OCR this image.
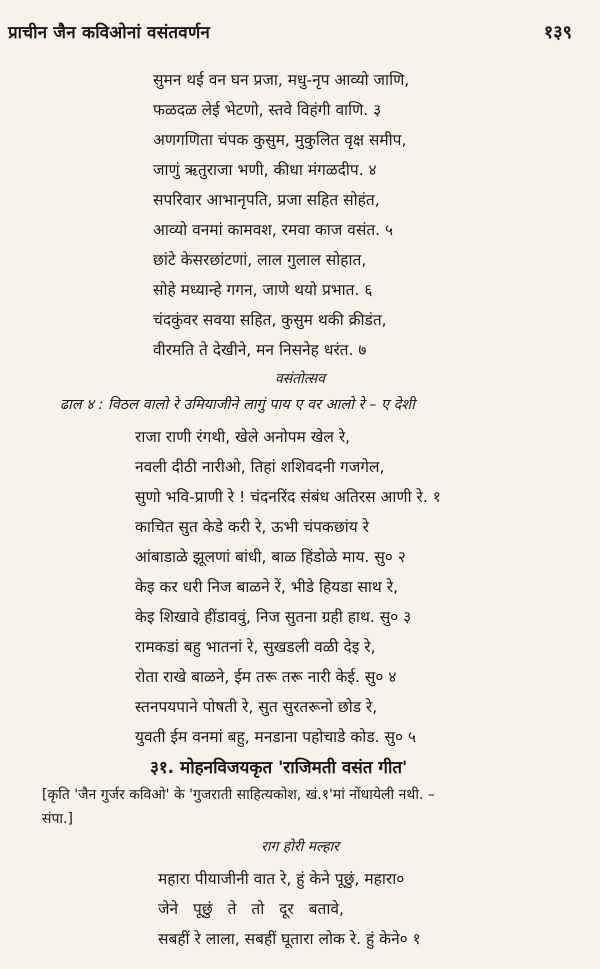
प्राचीन जैन कविओनां वसंतवर्णन	१३९
सुमन थई वन घन प्रजा, मधु-नृप आव्यो जाणि,
फळदळ लेई भेटणो, स्तवे विहंगी वाणि. ३
अणगणिता चंपक कुसुम, मुकुलित वृक्ष समीप,
जाणुं ऋतुराजा भणी, कीधा मंगळदीप. ४
सपरिवार आभानृपति, प्रजा सहित सोहंत,
आव्यो वनमां कामवश, रमवा काज वसंत. ५
छांटे केसरछांटणां, लाल गुलाल सोहात,
सोहे मध्यान्हे गगन, जाणे थयो प्रभात. ६
चंदकुंवर सवया सहित, कुसुम थकी क्रीडंत,
वीरमति ते देखीने, मन निसनेह धरंत. ७
वसंतोत्सव
ढाल ४ : विठल वालो रे उमियाजीने लागुं पाय ए वर आलो रे – ए देशी
राजा राणी रंगथी, खेले अनोपम खेल रे,
नवली दीठी नारीओ, तिहां शशिवदनी गजगेल,
सुणो भवि-प्राणी रे ! चंदनरिंद संबंध अतिरस आणी रे. १
काचित सुत केडे करी रे, ऊभी चंपकछांय रे
आंबाडाळे झूलणां बांधी, बाळ हिंडोळे माय. सु० २
केइ कर धरी निज बाळने रें, भीडे हियडा साथ रे,
केइ शिखावे हींडाववुं, निज सुतना ग्रही हाथ. सु० ३
रामकडां बहु भातनां रे, सुखडली वळी देइ रे,
रोता राखे बाळने, ईम तरू तरू नारी केई. सु० ४
स्तनपयपाने पोषती रे, सुत सुरतरूनो छोड रे,
युवती ईम वनमां बहु, मनडाना पहोचाडे कोड. सु० ५
३१. मोहनविजयकृत 'राजिमती वसंत गीत'
[कृति 'जैन गुर्जर कविओ' के 'गुजराती साहित्यकोश, खं.१'मां नोंधायेली नथी. –
संपा.]
राग होरी मल्हार
महारा पीयाजीनी वात रे, हुं केने पूछुं, महारा०
जेने पूछुं ते तो दूर बतावे,
सबहीं रे लाला, सबहीं घूतारा लोक रे. हुं केने० १
